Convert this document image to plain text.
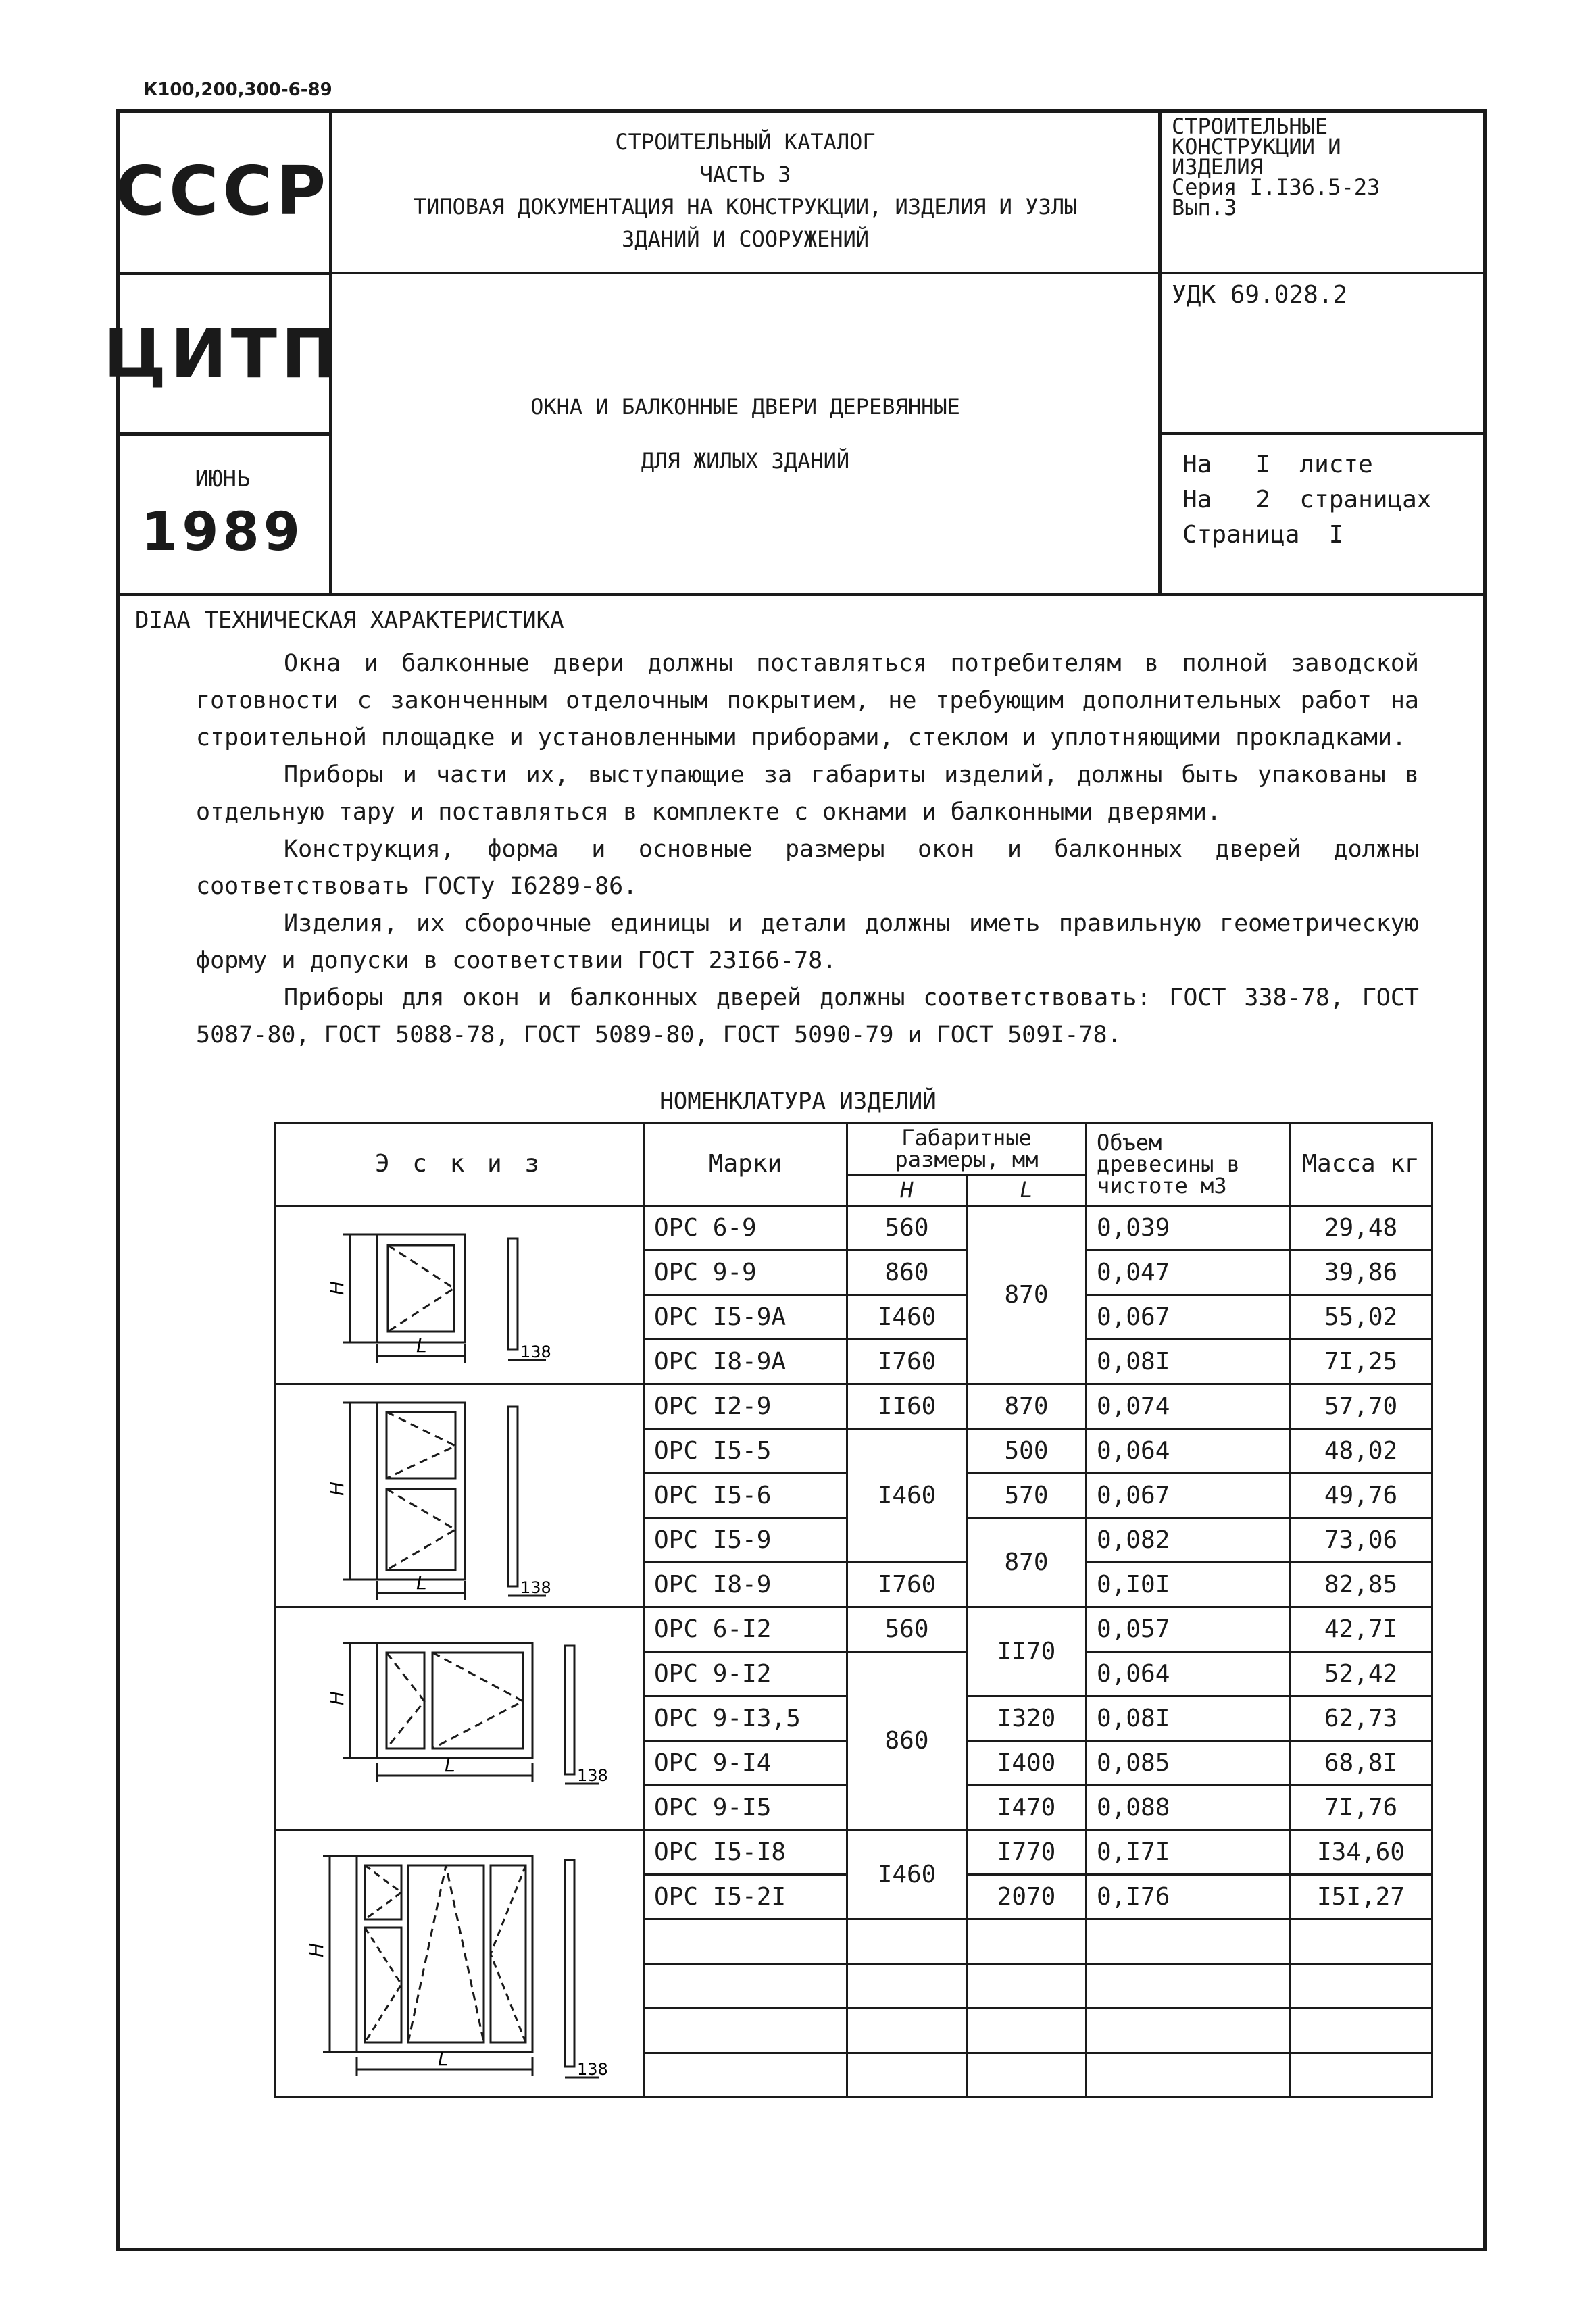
К100,200,300-6-89
СССР
ЦИТП
ИЮНЬ
1989
СТРОИТЕЛЬНЫЙ КАТАЛОГ
ЧАСТЬ 3
ТИПОВАЯ ДОКУМЕНТАЦИЯ НА КОНСТРУКЦИИ, ИЗДЕЛИЯ И УЗЛЫ
ЗДАНИЙ И СООРУЖЕНИЙ
ОКНА И БАЛКОННЫЕ ДВЕРИ ДЕРЕВЯННЫЕ
ДЛЯ ЖИЛЫХ ЗДАНИЙ
СТРОИТЕЛЬНЫЕ
КОНСТРУКЦИИ И
ИЗДЕЛИЯ
Серия I.I36.5-23
Вып.3
УДК 69.028.2
На   I  листе
На   2  страницах
Страница  I
DIAA ТЕХНИЧЕСКАЯ ХАРАКТЕРИСТИКА
Окна и балконные двери должны поставляться потребителям в полной заводской готовности с законченным отделочным покрытием, не требующим дополнительных работ на строительной площадке и установленными приборами, стеклом и уплотняющими прокладками.
Приборы и части их, выступающие за габариты изделий, должны быть упакованы в отдельную тару и поставляться в комплекте с окнами и балконными дверями.
Конструкция, форма и основные размеры окон и балконных дверей должны соответствовать ГОСТу I6289-86.
Изделия, их сборочные единицы и детали должны иметь правильную геометрическую форму и допуски в соответствии ГОСТ 23I66-78.
Приборы для окон и балконных дверей должны соответствовать: ГОСТ 338-78, ГОСТ 5087-80, ГОСТ 5088-78, ГОСТ 5089-80, ГОСТ 5090-79 и ГОСТ 509I-78.
НОМЕНКЛАТУРА ИЗДЕЛИЙ
Э с к и з	Марки	Габаритные размеры, мм		Объем древесины в чистоте м3	Масса кг
		H	L		

H
L 138	ОРС 6-9	560	870	0,039	29,48
	ОРС 9-9	860		0,047	39,86
	ОРС I5-9А	I460		0,067	55,02
	ОРС I8-9А	I760		0,08I	7I,25

H
L 138	ОРС I2-9	II60	870	0,074	57,70
	ОРС I5-5	I460	500	0,064	48,02
	ОРС I5-6		570	0,067	49,76
	ОРС I5-9		870	0,082	73,06
	ОРС I8-9	I760		0,I0I	82,85

H
L 138	ОРС 6-I2	560	II70	0,057	42,7I
	ОРС 9-I2	860		0,064	52,42
	ОРС 9-I3,5		I320	0,08I	62,73
	ОРС 9-I4		I400	0,085	68,8I
	ОРС 9-I5		I470	0,088	7I,76

H
L 138	ОРС I5-I8	I460	I770	0,I7I	I34,60
	ОРС I5-2I		2070	0,I76	I5I,27
